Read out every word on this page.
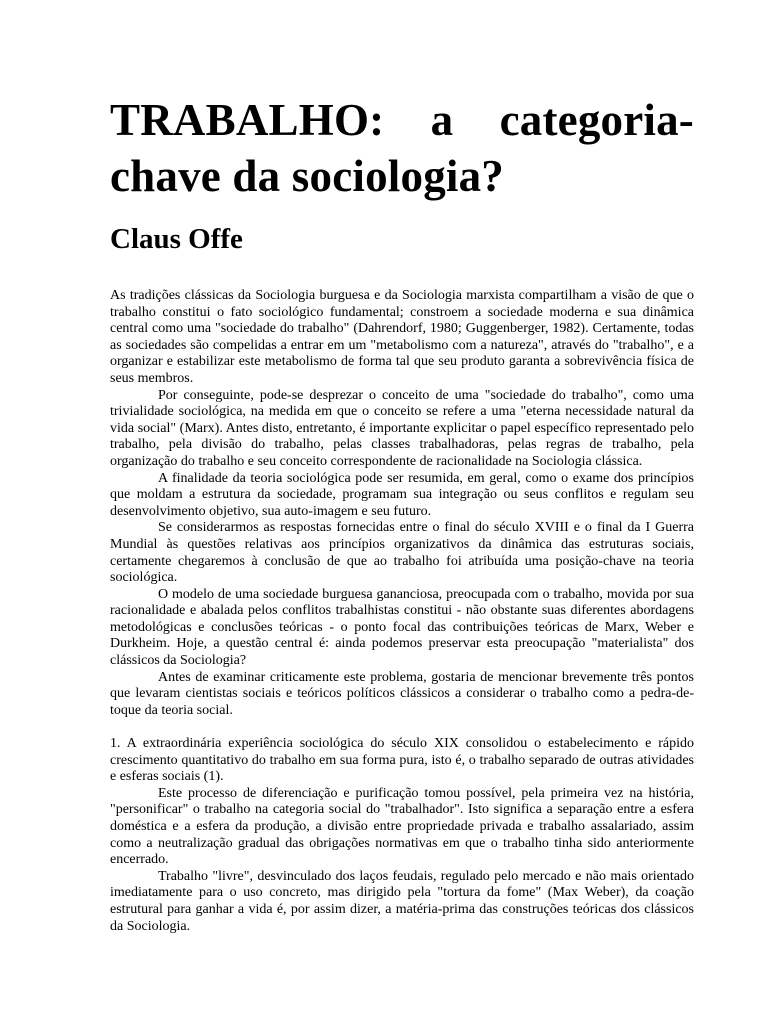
TRABALHO: a categoria-chave da sociologia?
Claus Offe

As tradições clássicas da Sociologia burguesa e da Sociologia marxista compartilham a visão de que o trabalho constitui o fato sociológico fundamental; constroem a sociedade moderna e sua dinâmica central como uma "sociedade do trabalho" (Dahrendorf, 1980; Guggenberger, 1982). Certamente, todas as sociedades são compelidas a entrar em um "metabolismo com a natureza", através do "trabalho", e a organizar e estabilizar este metabolismo de forma tal que seu produto garanta a sobrevivência física de seus membros.

Por conseguinte, pode-se desprezar o conceito de uma "sociedade do trabalho", como uma trivialidade sociológica, na medida em que o conceito se refere a uma "eterna necessidade natural da vida social" (Marx). Antes disto, entretanto, é importante explicitar o papel específico representado pelo trabalho, pela divisão do trabalho, pelas classes trabalhadoras, pelas regras de trabalho, pela organização do trabalho e seu conceito correspondente de racionalidade na Sociologia clássica.

A finalidade da teoria sociológica pode ser resumida, em geral, como o exame dos princípios que moldam a estrutura da sociedade, programam sua integração ou seus conflitos e regulam seu desenvolvimento objetivo, sua auto-imagem e seu futuro.

Se considerarmos as respostas fornecidas entre o final do século XVIII e o final da I Guerra Mundial às questões relativas aos princípios organizativos da dinâmica das estruturas sociais, certamente chegaremos à conclusão de que ao trabalho foi atribuída uma posição-chave na teoria sociológica.

O modelo de uma sociedade burguesa gananciosa, preocupada com o trabalho, movida por sua racionalidade e abalada pelos conflitos trabalhistas constitui - não obstante suas diferentes abordagens metodológicas e conclusões teóricas - o ponto focal das contribuições teóricas de Marx, Weber e Durkheim. Hoje, a questão central é: ainda podemos preservar esta preocupação "materialista" dos clássicos da Sociologia?

Antes de examinar criticamente este problema, gostaria de mencionar brevemente três pontos que levaram cientistas sociais e teóricos políticos clássicos a considerar o trabalho como a pedra-de-toque da teoria social.

1. A extraordinária experiência sociológica do século XIX consolidou o estabelecimento e rápido crescimento quantitativo do trabalho em sua forma pura, isto é, o trabalho separado de outras atividades e esferas sociais (1).

Este processo de diferenciação e purificação tomou possível, pela primeira vez na história, "personificar" o trabalho na categoria social do "trabalhador". Isto significa a separação entre a esfera doméstica e a esfera da produção, a divisão entre propriedade privada e trabalho assalariado, assim como a neutralização gradual das obrigações normativas em que o trabalho tinha sido anteriormente encerrado.

Trabalho "livre", desvinculado dos laços feudais, regulado pelo mercado e não mais orientado imediatamente para o uso concreto, mas dirigido pela "tortura da fome" (Max Weber), da coação estrutural para ganhar a vida é, por assim dizer, a matéria-prima das construções teóricas dos clássicos da Sociologia.
